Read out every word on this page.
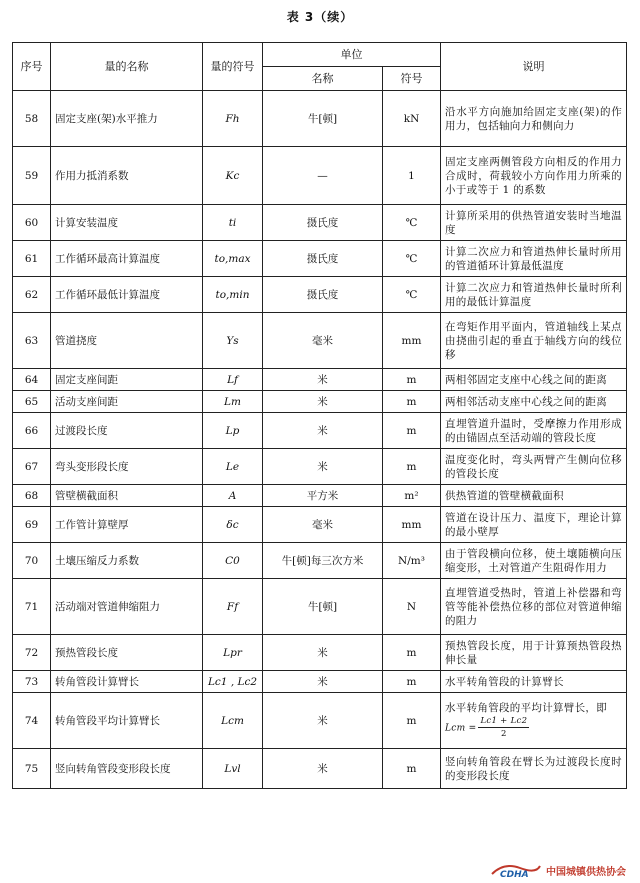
表 3（续）
序号	量的名称	量的符号	单位		说明
			名称	符号	
58	固定支座(架)水平推力	Fh	牛[顿]	kN	沿水平方向施加给固定支座(架)的作用力，包括轴向力和侧向力
59	作用力抵消系数	Kc	—	1	固定支座两侧管段方向相反的作用力合成时，荷载较小方向作用力所乘的小于或等于 1 的系数
60	计算安装温度	ti	摄氏度	℃	计算所采用的供热管道安装时当地温度
61	工作循环最高计算温度	to,max	摄氏度	℃	计算二次应力和管道热伸长量时所用的管道循环计算最低温度
62	工作循环最低计算温度	to,min	摄氏度	℃	计算二次应力和管道热伸长量时所利用的最低计算温度
63	管道挠度	Ys	毫米	mm	在弯矩作用平面内，管道轴线上某点由挠曲引起的垂直于轴线方向的线位移
64	固定支座间距	Lf	米	m	两相邻固定支座中心线之间的距离
65	活动支座间距	Lm	米	m	两相邻活动支座中心线之间的距离
66	过渡段长度	Lp	米	m	直埋管道升温时，受摩擦力作用形成的由锚固点至活动端的管段长度
67	弯头变形段长度	Le	米	m	温度变化时，弯头两臂产生侧向位移的管段长度
68	管壁横截面积	A	平方米	m²	供热管道的管壁横截面积
69	工作管计算壁厚	δc	毫米	mm	管道在设计压力、温度下，理论计算的最小壁厚
70	土壤压缩反力系数	C0	牛[顿]每三次方米	N/m³	由于管段横向位移，使土壤随横向压缩变形，土对管道产生阻碍作用力
71	活动端对管道伸缩阻力	Ff	牛[顿]	N	直埋管道受热时，管道上补偿器和弯管等能补偿热位移的部位对管道伸缩的阻力
72	预热管段长度	Lpr	米	m	预热管段长度，用于计算预热管段热伸长量
73	转角管段计算臂长	Lc1 , Lc2	米	m	水平转角管段的计算臂长
74	转角管段平均计算臂长	Lcm	米	m	水平转角管段的平均计算臂长，即
Lcm = $\frac{Lc1 + Lc2}{2}$

75	竖向转角管段变形段长度	Lvl	米	m	竖向转角管段在臂长为过渡段长度时的变形段长度
CDHA 中国城镇供热协会
